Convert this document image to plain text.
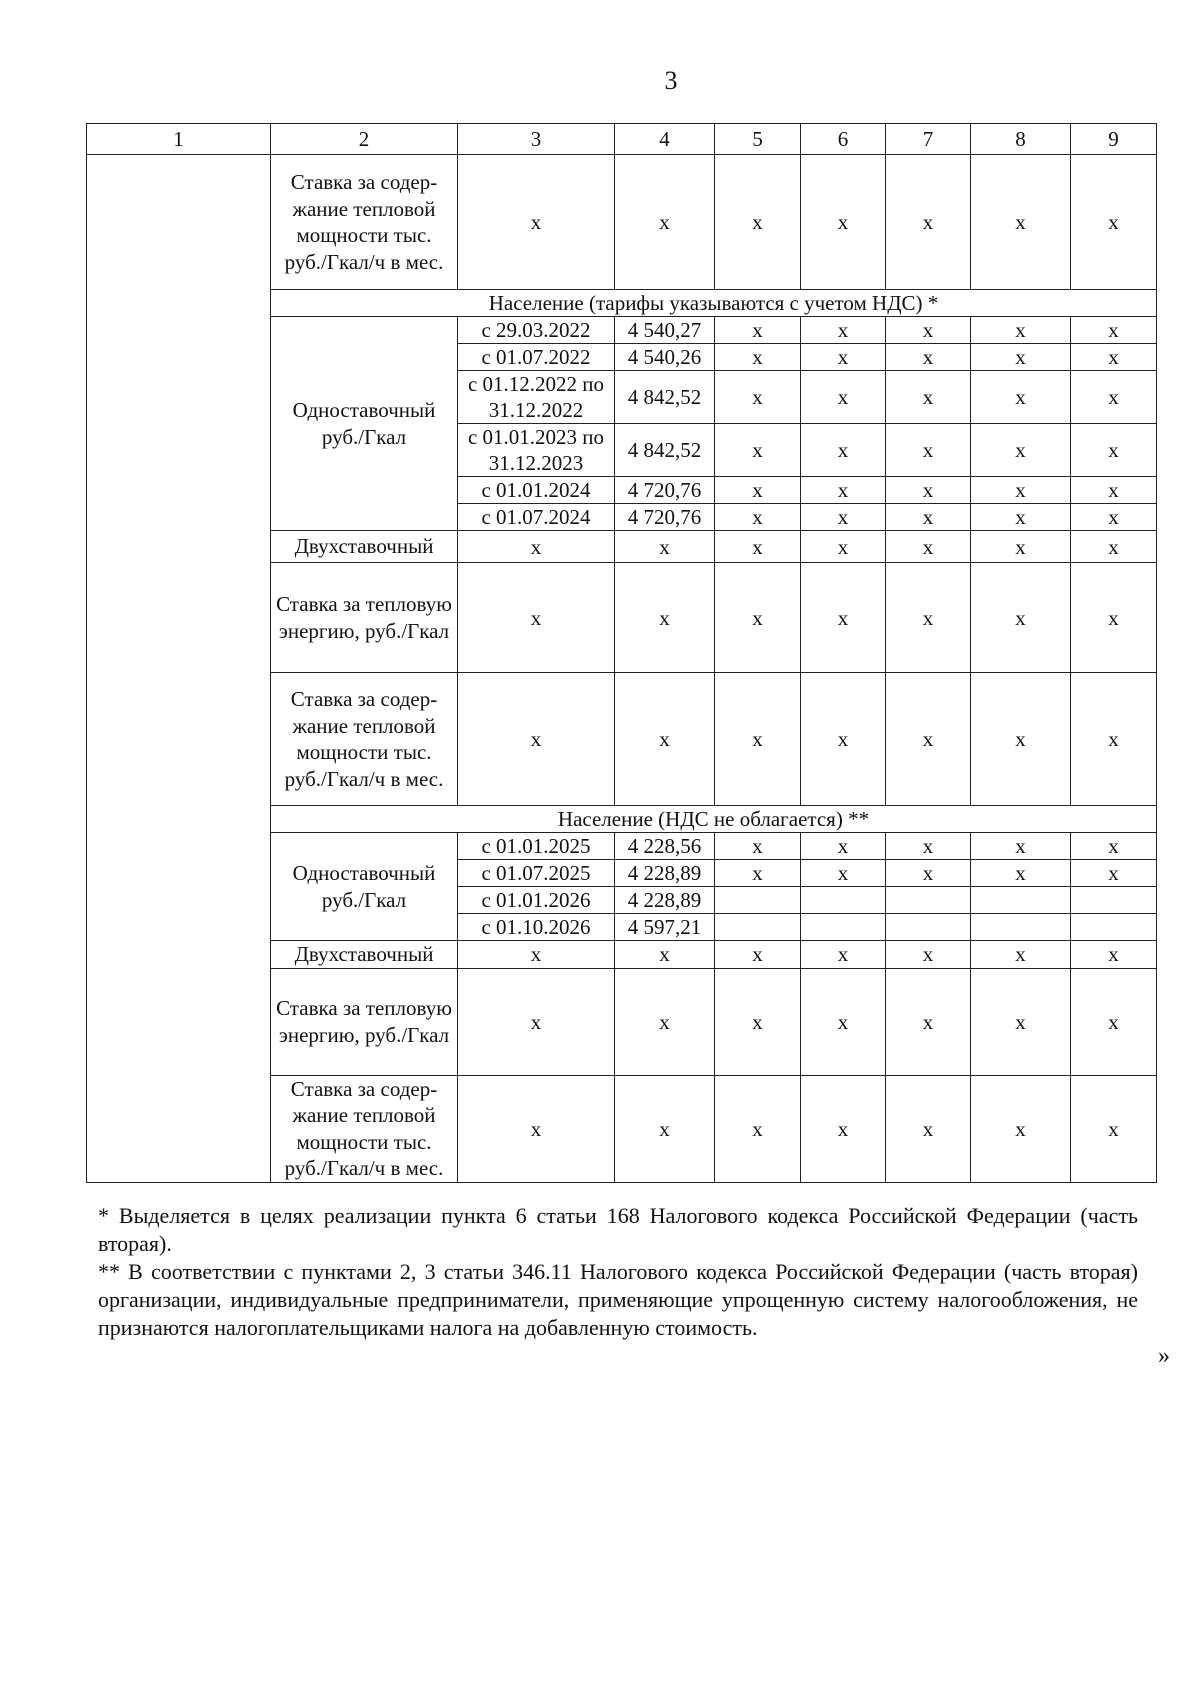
3
1	2	3	4	5	6	7	8	9
	Ставка за содер-жание тепловой мощности тыс. руб./Гкал/ч в мес.	х	х	х	х	х	х	х
	Население (тарифы указываются с учетом НДС) *							
	Одноставочный руб./Гкал	с 29.03.2022	4 540,27	х	х	х	х	х
		с 01.07.2022	4 540,26	х	х	х	х	х
		с 01.12.2022 по 31.12.2022	4 842,52	х	х	х	х	х
		с 01.01.2023 по 31.12.2023	4 842,52	х	х	х	х	х
		с 01.01.2024	4 720,76	х	х	х	х	х
		с 01.07.2024	4 720,76	х	х	х	х	х
	Двухставочный	х	х	х	х	х	х	х
	Ставка за тепловую энергию, руб./Гкал	х	х	х	х	х	х	х
	Ставка за содер-жание тепловой мощности тыс. руб./Гкал/ч в мес.	х	х	х	х	х	х	х
	Население (НДС не облагается) **							
	Одноставочный руб./Гкал	с 01.01.2025	4 228,56	х	х	х	х	х
		с 01.07.2025	4 228,89	х	х	х	х	х
		с 01.01.2026	4 228,89					
		с 01.10.2026	4 597,21					
	Двухставочный	х	х	х	х	х	х	х
	Ставка за тепловую энергию, руб./Гкал	х	х	х	х	х	х	х
	Ставка за содер-жание тепловой мощности тыс. руб./Гкал/ч в мес.	х	х	х	х	х	х	х

* Выделяется в целях реализации пункта 6 статьи 168 Налогового кодекса Российской Федерации (часть вторая).

** В соответствии с пунктами 2, 3 статьи 346.11 Налогового кодекса Российской Федерации (часть вторая) организации, индивидуальные предприниматели, применяющие упрощенную систему налогообложения, не признаются налогоплательщиками налога на добавленную стоимость.

»
